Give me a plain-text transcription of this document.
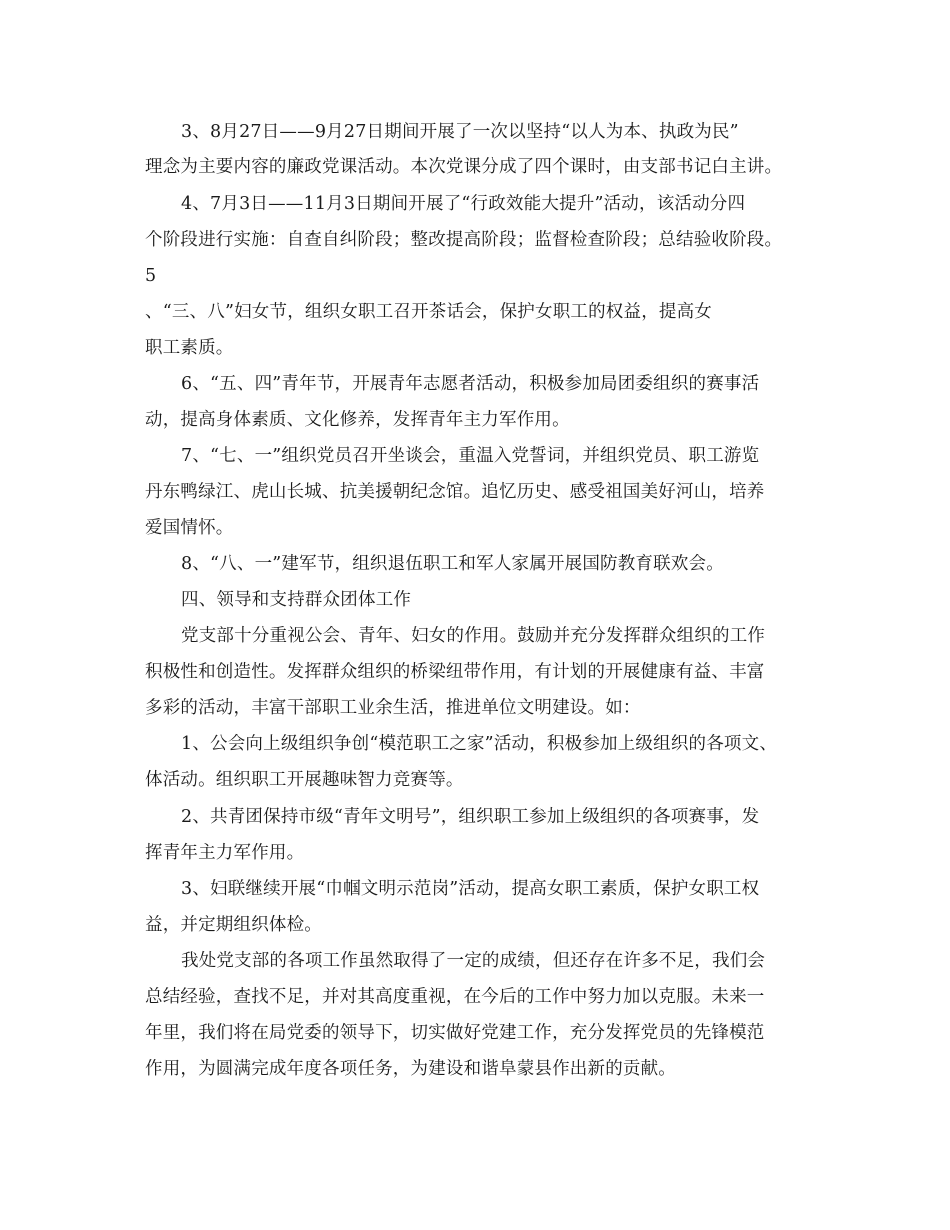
3、8月27日——9月27日期间开展了一次以坚持“以人为本、执政为民”
理念为主要内容的廉政党课活动。本次党课分成了四个课时，由支部书记白主讲。
4、7月3日——11月3日期间开展了“行政效能大提升”活动，该活动分四
个阶段进行实施：自查自纠阶段；整改提高阶段；监督检查阶段；总结验收阶段。
5
、“三、八”妇女节，组织女职工召开茶话会，保护女职工的权益，提高女
职工素质。
6、“五、四”青年节，开展青年志愿者活动，积极参加局团委组织的赛事活
动，提高身体素质、文化修养，发挥青年主力军作用。
7、“七、一”组织党员召开坐谈会，重温入党誓词，并组织党员、职工游览
丹东鸭绿江、虎山长城、抗美援朝纪念馆。追忆历史、感受祖国美好河山，培养
爱国情怀。
8、“八、一”建军节，组织退伍职工和军人家属开展国防教育联欢会。
四、领导和支持群众团体工作
党支部十分重视公会、青年、妇女的作用。鼓励并充分发挥群众组织的工作
积极性和创造性。发挥群众组织的桥梁纽带作用，有计划的开展健康有益、丰富
多彩的活动，丰富干部职工业余生活，推进单位文明建设。如：
1、公会向上级组织争创“模范职工之家”活动，积极参加上级组织的各项文、
体活动。组织职工开展趣味智力竞赛等。
2、共青团保持市级“青年文明号”，组织职工参加上级组织的各项赛事，发
挥青年主力军作用。
3、妇联继续开展“巾帼文明示范岗”活动，提高女职工素质，保护女职工权
益，并定期组织体检。
我处党支部的各项工作虽然取得了一定的成绩，但还存在许多不足，我们会
总结经验，查找不足，并对其高度重视，在今后的工作中努力加以克服。未来一
年里，我们将在局党委的领导下，切实做好党建工作，充分发挥党员的先锋模范
作用，为圆满完成年度各项任务，为建设和谐阜蒙县作出新的贡献。
